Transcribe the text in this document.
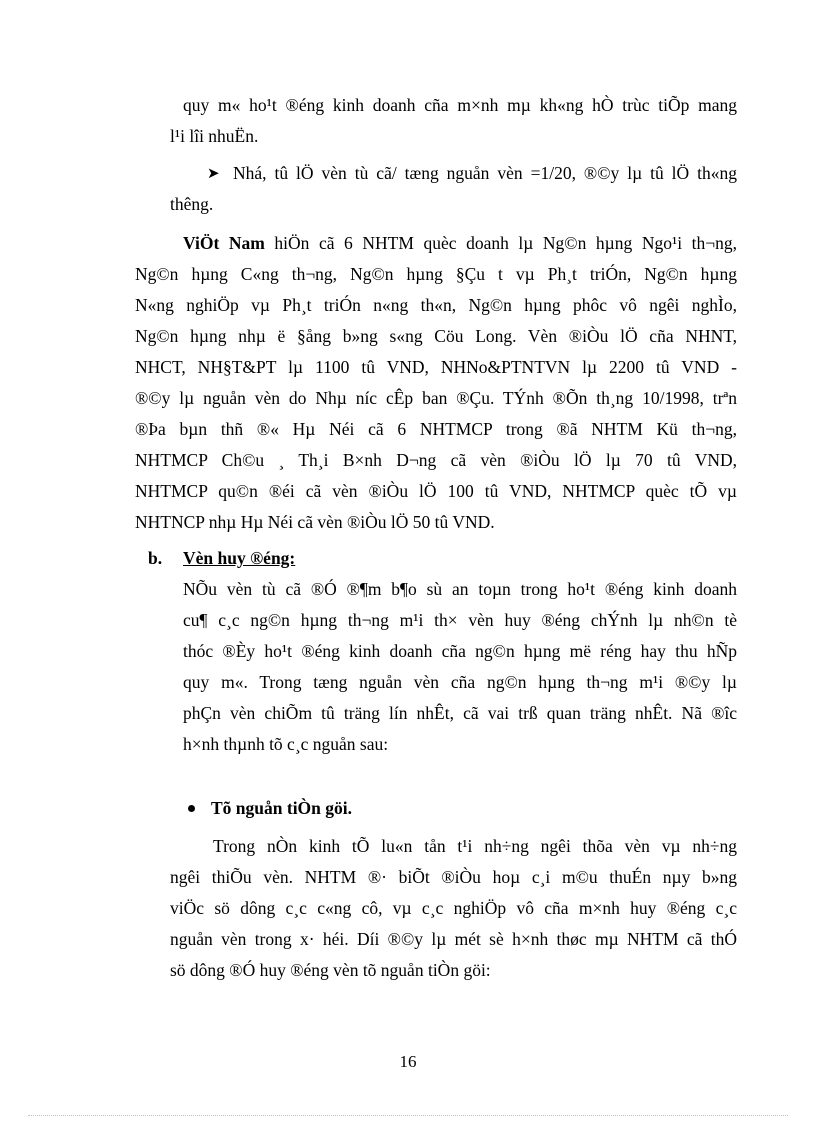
quy m« ho¹t ®éng kinh doanh cña m×nh mµ kh«ng hÒ trùc tiÕp mang
l¹i lîi nhuËn.
➤ Nhá, tû lÖ vèn tù cã/ tæng nguån vèn =1/20, ®©y lµ tû lÖ th«ng
thêng.
ViÖt Nam hiÖn cã 6 NHTM quèc doanh lµ Ng©n hµng Ngo¹i th¬ng,
Ng©n hµng C«ng th¬ng, Ng©n hµng §Çu t vµ Ph¸t triÓn, Ng©n hµng
N«ng nghiÖp vµ Ph¸t triÓn n«ng th«n, Ng©n hµng phôc vô ngêi nghÌo,
Ng©n hµng nhµ ë §ång b»ng s«ng Cöu Long. Vèn ®iÒu lÖ cña NHNT,
NHCT, NH§T&PT lµ 1100 tû VND, NHNo&PTNTVN lµ 2200 tû VND -
®©y lµ nguån vèn do Nhµ níc cÊp ban ®Çu. TÝnh ®Õn th¸ng 10/1998, trªn
®Þa bµn thñ ®« Hµ Néi cã 6 NHTMCP trong ®ã NHTM Kü th¬ng,
NHTMCP Ch©u ¸ Th¸i B×nh D¬ng cã vèn ®iÒu lÖ lµ 70 tû VND,
NHTMCP qu©n ®éi cã vèn ®iÒu lÖ 100 tû VND, NHTMCP quèc tÕ vµ
NHTNCP nhµ Hµ Néi cã vèn ®iÒu lÖ 50 tû VND.
b. Vèn huy ®éng:
NÕu vèn tù cã ®Ó ®¶m b¶o sù an toµn trong ho¹t ®éng kinh doanh
cu¶ c¸c ng©n hµng th¬ng m¹i th× vèn huy ®éng chÝnh lµ nh©n tè
thóc ®Èy ho¹t ®éng kinh doanh cña ng©n hµng më réng hay thu hÑp
quy m«. Trong tæng nguån vèn cña ng©n hµng th¬ng m¹i ®©y lµ
phÇn vèn chiÕm tû träng lín nhÊt, cã vai trß quan träng nhÊt. Nã ®îc
h×nh thµnh tõ c¸c nguån sau:
Tõ nguån tiÒn göi.
Trong nÒn kinh tÕ lu«n tån t¹i nh÷ng ngêi thõa vèn vµ nh÷ng
ngêi thiÕu vèn. NHTM ®· biÕt ®iÒu hoµ c¸i m©u thuÉn nµy b»ng
viÖc sö dông c¸c c«ng cô, vµ c¸c nghiÖp vô cña m×nh huy ®éng c¸c
nguån vèn trong x· héi. Díi ®©y lµ mét sè h×nh thøc mµ NHTM cã thÓ
sö dông ®Ó huy ®éng vèn tõ nguån tiÒn göi:
16
